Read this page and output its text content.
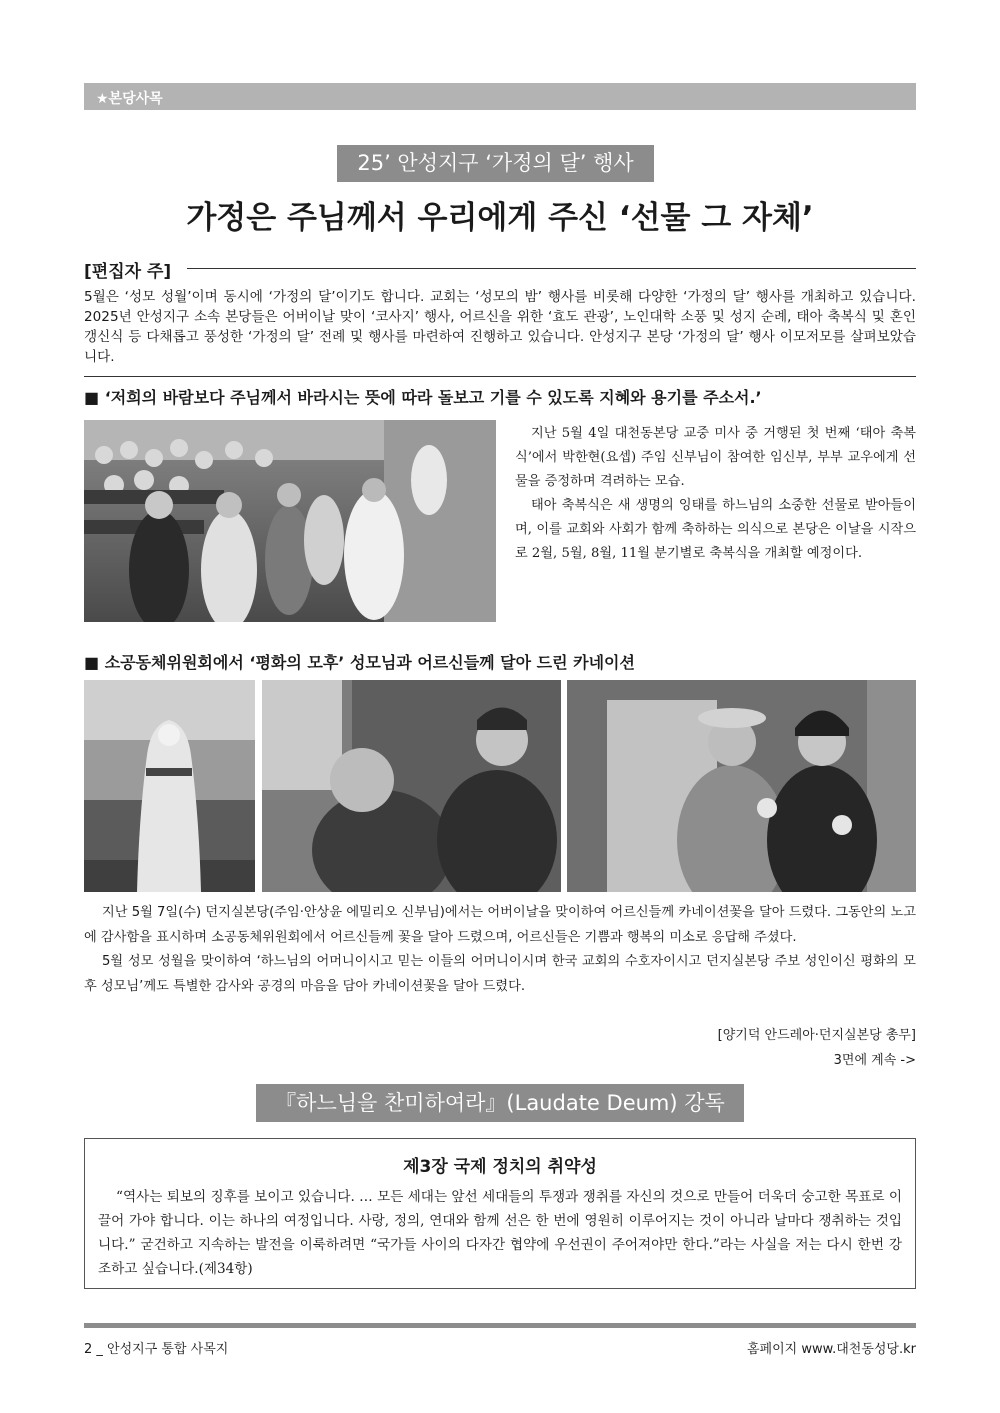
★본당사목
25’ 안성지구 ‘가정의 달’ 행사
가정은 주님께서 우리에게 주신 ‘선물 그 자체’
[편집자 주]
5월은 ‘성모 성월’이며 동시에 ‘가정의 달’이기도 합니다. 교회는 ‘성모의 밤’ 행사를 비롯해 다양한 ‘가정의 달’ 행사를 개최하고 있습니다. 2025년 안성지구 소속 본당들은 어버이날 맞이 ‘코사지’ 행사, 어르신을 위한 ‘효도 관광’, 노인대학 소풍 및 성지 순례, 태아 축복식 및 혼인 갱신식 등 다채롭고 풍성한 ‘가정의 달’ 전례 및 행사를 마련하여 진행하고 있습니다. 안성지구 본당 ‘가정의 달’ 행사 이모저모를 살펴보았습니다.
■ ‘저희의 바람보다 주님께서 바라시는 뜻에 따라 돌보고 기를 수 있도록 지혜와 용기를 주소서.’

지난 5월 4일 대천동본당 교중 미사 중 거행된 첫 번째 ‘태아 축복식’에서 박한현(요셉) 주임 신부님이 참여한 임신부, 부부 교우에게 선물을 증정하며 격려하는 모습.

태아 축복식은 새 생명의 잉태를 하느님의 소중한 선물로 받아들이며, 이를 교회와 사회가 함께 축하하는 의식으로 본당은 이날을 시작으로 2월, 5월, 8월, 11월 분기별로 축복식을 개최할 예정이다.

■ 소공동체위원회에서 ‘평화의 모후’ 성모님과 어르신들께 달아 드린 카네이션

지난 5월 7일(수) 던지실본당(주임·안상윤 에밀리오 신부님)에서는 어버이날을 맞이하여 어르신들께 카네이션꽃을 달아 드렸다. 그동안의 노고에 감사함을 표시하며 소공동체위원회에서 어르신들께 꽃을 달아 드렸으며, 어르신들은 기쁨과 행복의 미소로 응답해 주셨다.

5월 성모 성월을 맞이하여 ‘하느님의 어머니이시고 믿는 이들의 어머니이시며 한국 교회의 수호자이시고 던지실본당 주보 성인이신 평화의 모후 성모님’께도 특별한 감사와 공경의 마음을 담아 카네이션꽃을 달아 드렸다.

[양기덕 안드레아·던지실본당 총무]
3면에 계속 ->
『하느님을 찬미하여라』(Laudate Deum) 강독
제3장 국제 정치의 취약성
“역사는 퇴보의 징후를 보이고 있습니다. … 모든 세대는 앞선 세대들의 투쟁과 쟁취를 자신의 것으로 만들어 더욱더 숭고한 목표로 이끌어 가야 합니다. 이는 하나의 여정입니다. 사랑, 정의, 연대와 함께 선은 한 번에 영원히 이루어지는 것이 아니라 날마다 쟁취하는 것입니다.” 굳건하고 지속하는 발전을 이룩하려면 “국가들 사이의 다자간 협약에 우선권이 주어져야만 한다.”라는 사실을 저는 다시 한번 강조하고 싶습니다.(제34항)
2 _ 안성지구 통합 사목지	홈페이지 www.대천동성당.kr
